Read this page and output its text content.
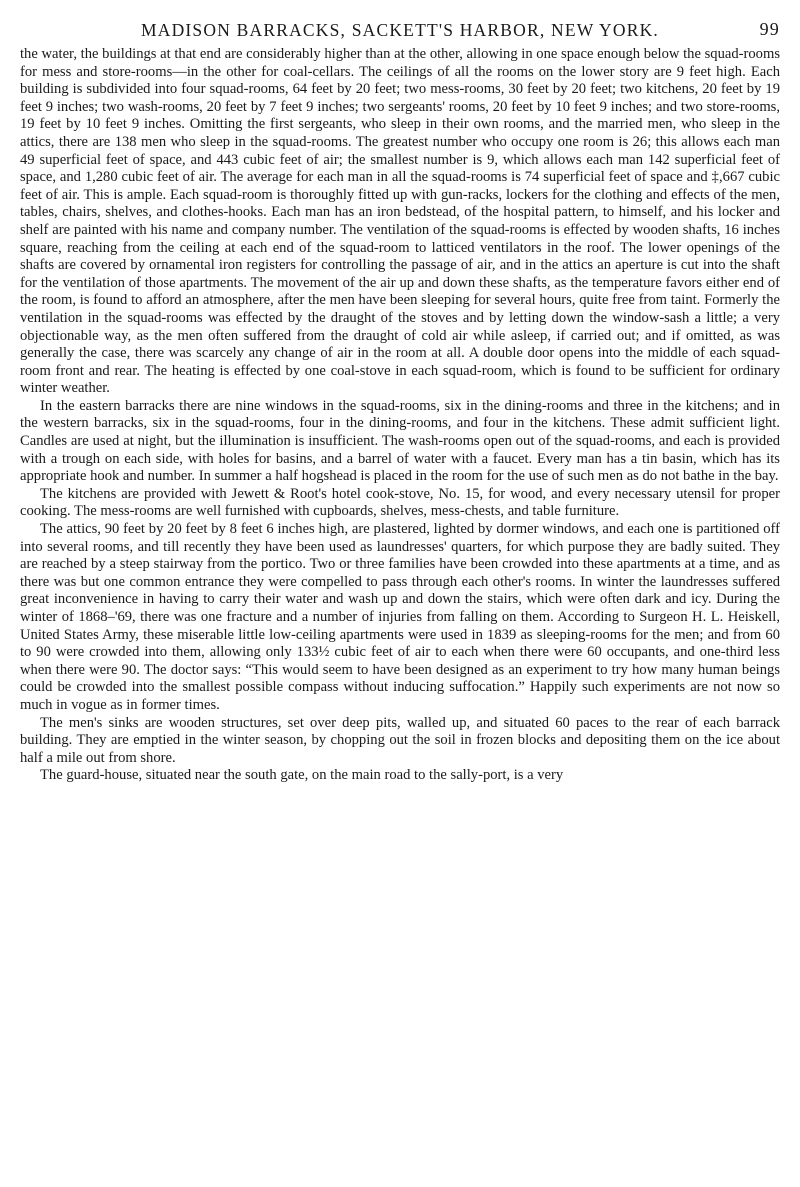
MADISON BARRACKS, SACKETT'S HARBOR, NEW YORK.	99

the water, the buildings at that end are considerably higher than at the other, allowing in one space enough below the squad-rooms for mess and store-rooms—in the other for coal-cellars. The ceilings of all the rooms on the lower story are 9 feet high. Each building is subdivided into four squad-rooms, 64 feet by 20 feet; two mess-rooms, 30 feet by 20 feet; two kitchens, 20 feet by 19 feet 9 inches; two wash-rooms, 20 feet by 7 feet 9 inches; two sergeants' rooms, 20 feet by 10 feet 9 inches; and two store-rooms, 19 feet by 10 feet 9 inches. Omitting the first sergeants, who sleep in their own rooms, and the married men, who sleep in the attics, there are 138 men who sleep in the squad-rooms. The greatest number who occupy one room is 26; this allows each man 49 superficial feet of space, and 443 cubic feet of air; the smallest number is 9, which allows each man 142 superficial feet of space, and 1,280 cubic feet of air. The average for each man in all the squad-rooms is 74 superficial feet of space and ‡,667 cubic feet of air. This is ample. Each squad-room is thoroughly fitted up with gun-racks, lockers for the clothing and effects of the men, tables, chairs, shelves, and clothes-hooks. Each man has an iron bedstead, of the hospital pattern, to himself, and his locker and shelf are painted with his name and company number. The ventilation of the squad-rooms is effected by wooden shafts, 16 inches square, reaching from the ceiling at each end of the squad-room to latticed ventilators in the roof. The lower openings of the shafts are covered by ornamental iron registers for controlling the passage of air, and in the attics an aperture is cut into the shaft for the ventilation of those apartments. The movement of the air up and down these shafts, as the temperature favors either end of the room, is found to afford an atmosphere, after the men have been sleeping for several hours, quite free from taint. Formerly the ventilation in the squad-rooms was effected by the draught of the stoves and by letting down the window-sash a little; a very objectionable way, as the men often suffered from the draught of cold air while asleep, if carried out; and if omitted, as was generally the case, there was scarcely any change of air in the room at all. A double door opens into the middle of each squad-room front and rear. The heating is effected by one coal-stove in each squad-room, which is found to be sufficient for ordinary winter weather.

In the eastern barracks there are nine windows in the squad-rooms, six in the dining-rooms and three in the kitchens; and in the western barracks, six in the squad-rooms, four in the dining-rooms, and four in the kitchens. These admit sufficient light. Candles are used at night, but the illumination is insufficient. The wash-rooms open out of the squad-rooms, and each is provided with a trough on each side, with holes for basins, and a barrel of water with a faucet. Every man has a tin basin, which has its appropriate hook and number. In summer a half hogshead is placed in the room for the use of such men as do not bathe in the bay.

The kitchens are provided with Jewett & Root's hotel cook-stove, No. 15, for wood, and every necessary utensil for proper cooking. The mess-rooms are well furnished with cupboards, shelves, mess-chests, and table furniture.

The attics, 90 feet by 20 feet by 8 feet 6 inches high, are plastered, lighted by dormer windows, and each one is partitioned off into several rooms, and till recently they have been used as laundresses' quarters, for which purpose they are badly suited. They are reached by a steep stairway from the portico. Two or three families have been crowded into these apartments at a time, and as there was but one common entrance they were compelled to pass through each other's rooms. In winter the laundresses suffered great inconvenience in having to carry their water and wash up and down the stairs, which were often dark and icy. During the winter of 1868–'69, there was one fracture and a number of injuries from falling on them. According to Surgeon H. L. Heiskell, United States Army, these miserable little low-ceiling apartments were used in 1839 as sleeping-rooms for the men; and from 60 to 90 were crowded into them, allowing only 133½ cubic feet of air to each when there were 60 occupants, and one-third less when there were 90. The doctor says: “This would seem to have been designed as an experiment to try how many human beings could be crowded into the smallest possible compass without inducing suffocation.” Happily such experiments are not now so much in vogue as in former times.

The men's sinks are wooden structures, set over deep pits, walled up, and situated 60 paces to the rear of each barrack building. They are emptied in the winter season, by chopping out the soil in frozen blocks and depositing them on the ice about half a mile out from shore.

The guard-house, situated near the south gate, on the main road to the sally-port, is a very
